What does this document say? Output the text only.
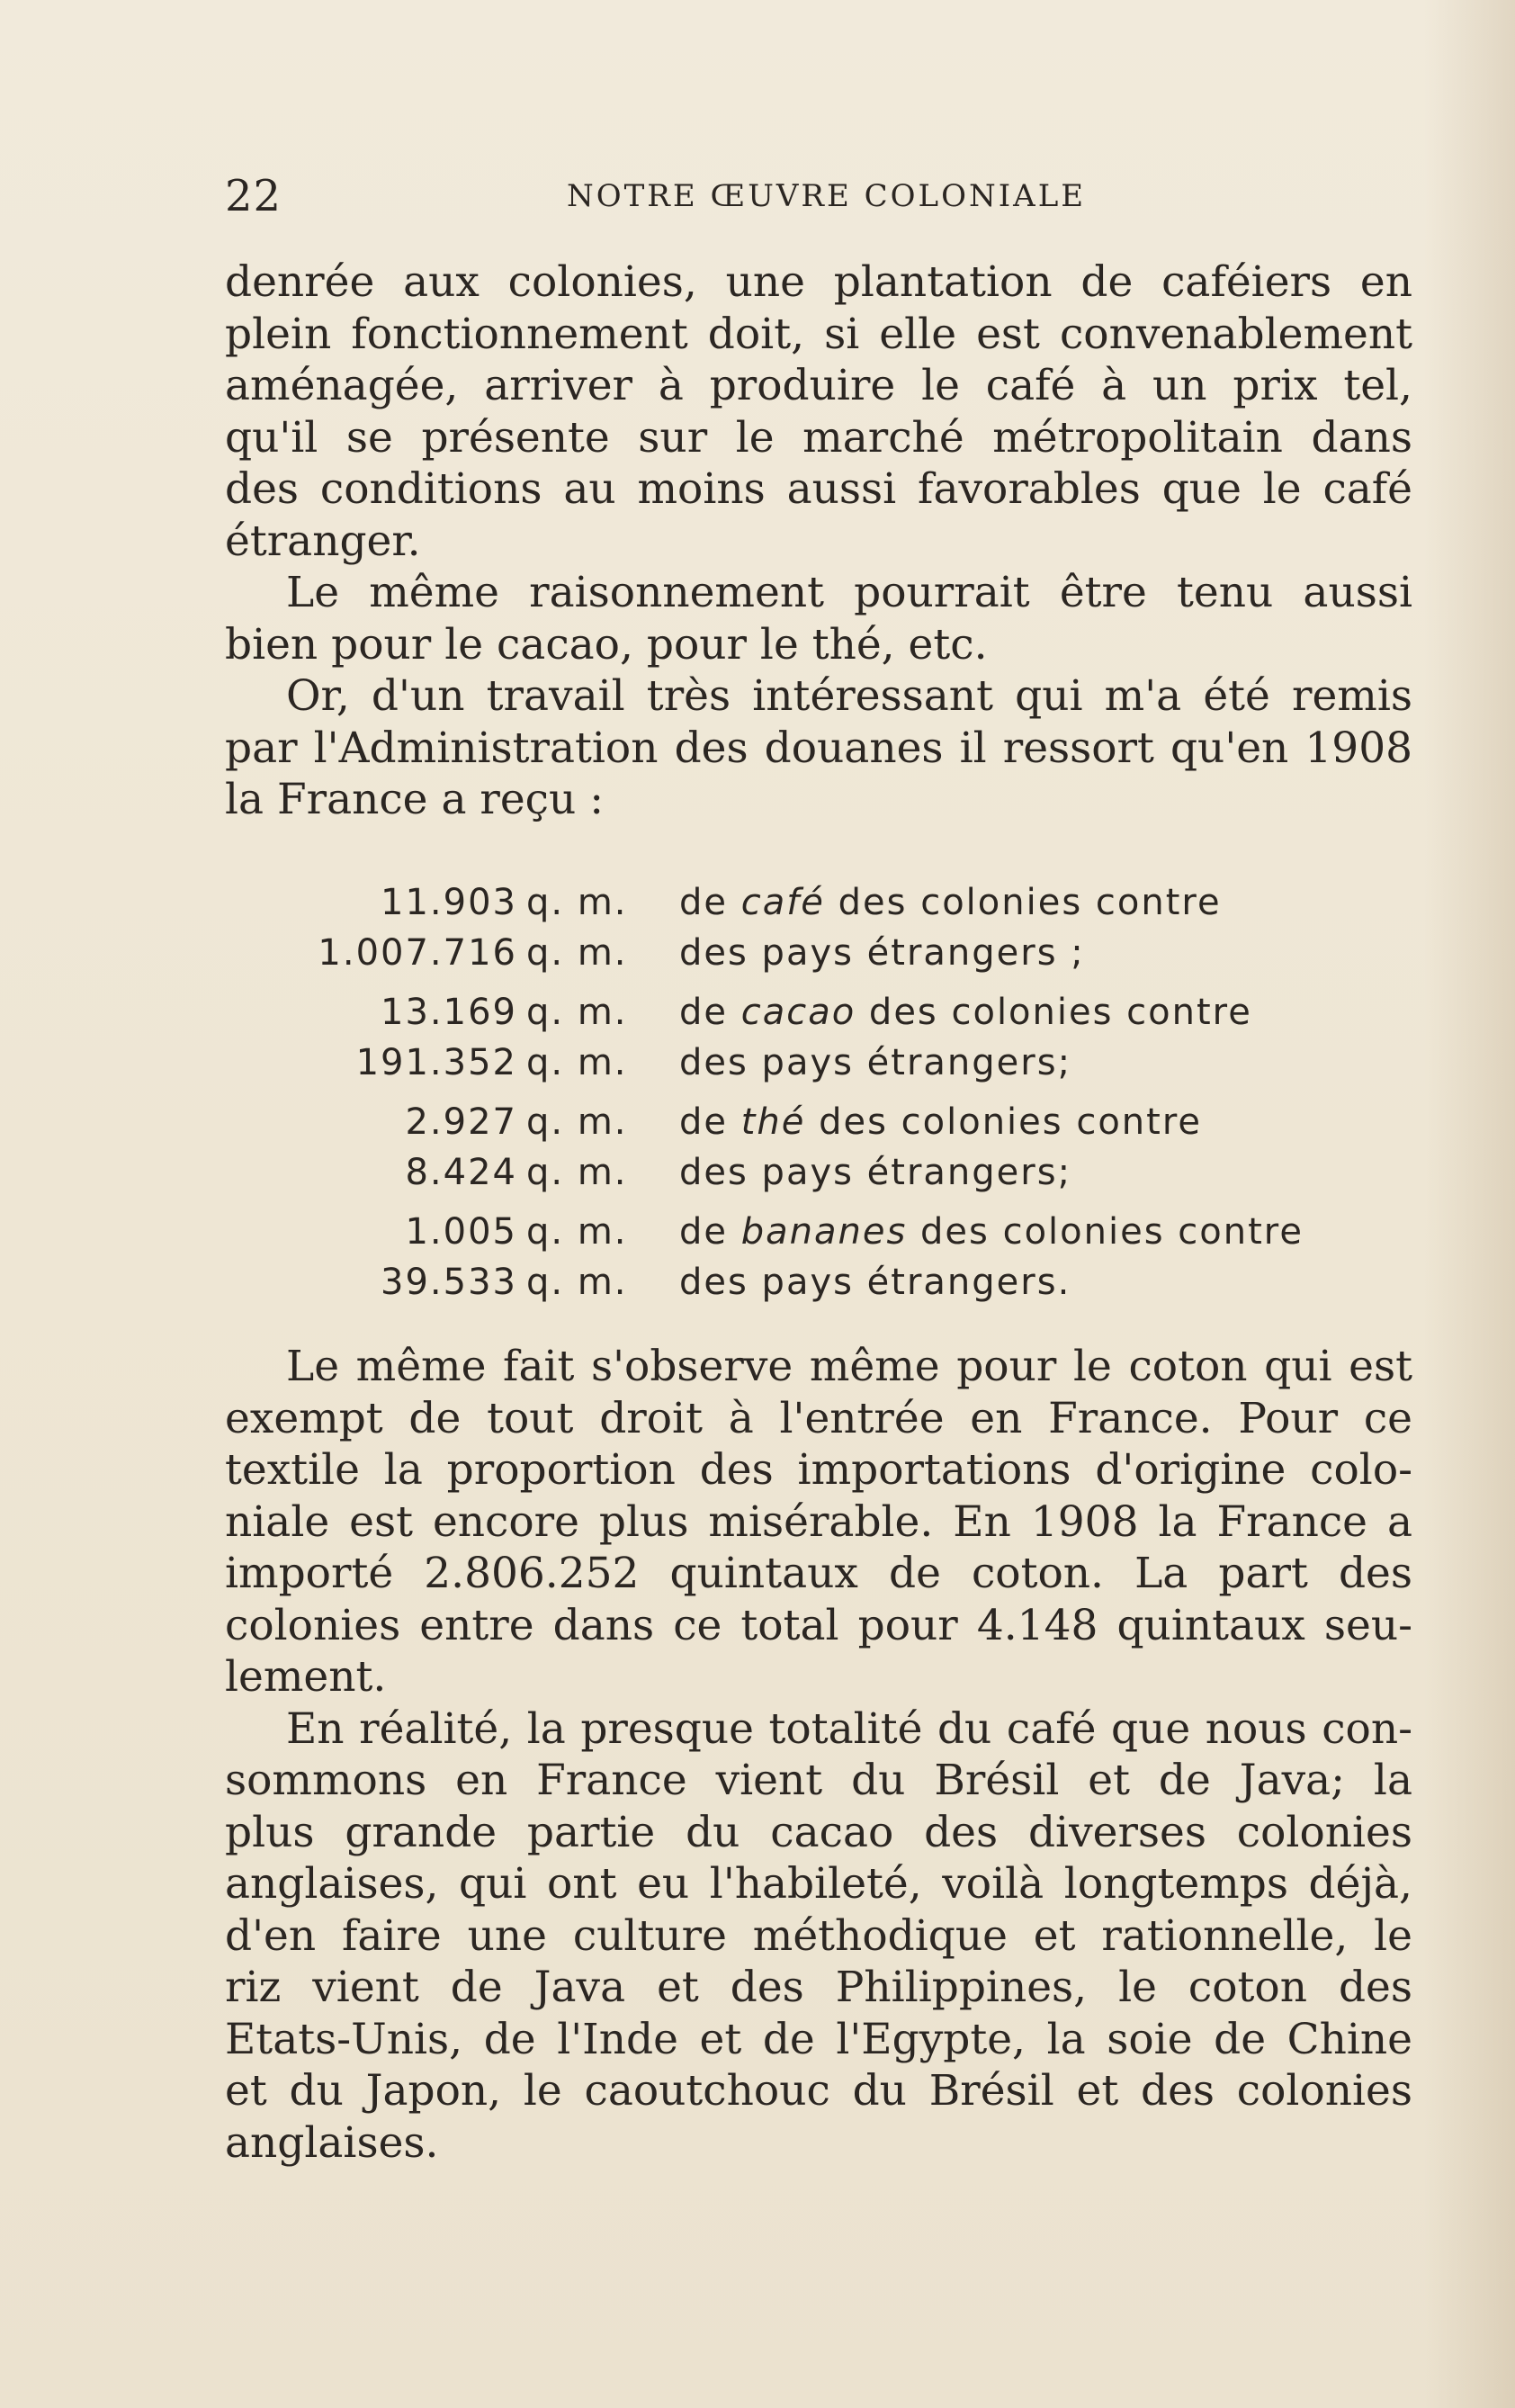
22	NOTRE ŒUVRE COLONIALE
denrée aux colonies, une plantation de caféiers en
plein fonctionnement doit, si elle est convenablement
aménagée, arriver à produire le café à un prix tel,
qu'il se présente sur le marché métropolitain dans
des conditions au moins aussi favorables que le café
étranger.
Le même raisonnement pourrait être tenu aussi
bien pour le cacao, pour le thé, etc.
Or, d'un travail très intéressant qui m'a été remis
par l'Administration des douanes il ressort qu'en 1908
la France a reçu :
11.903 q. m. de café des colonies contre
1.007.716 q. m. des pays étrangers ;
13.169 q. m. de cacao des colonies contre
191.352 q. m. des pays étrangers;
2.927 q. m. de thé des colonies contre
8.424 q. m. des pays étrangers;
1.005 q. m. de bananes des colonies contre
39.533 q. m. des pays étrangers.
Le même fait s'observe même pour le coton qui est
exempt de tout droit à l'entrée en France. Pour ce
textile la proportion des importations d'origine colo-
niale est encore plus misérable. En 1908 la France a
importé 2.806.252 quintaux de coton. La part des
colonies entre dans ce total pour 4.148 quintaux seu-
lement.
En réalité, la presque totalité du café que nous con-
sommons en France vient du Brésil et de Java; la
plus grande partie du cacao des diverses colonies
anglaises, qui ont eu l'habileté, voilà longtemps déjà,
d'en faire une culture méthodique et rationnelle, le
riz vient de Java et des Philippines, le coton des
Etats-Unis, de l'Inde et de l'Egypte, la soie de Chine
et du Japon, le caoutchouc du Brésil et des colonies
anglaises.
